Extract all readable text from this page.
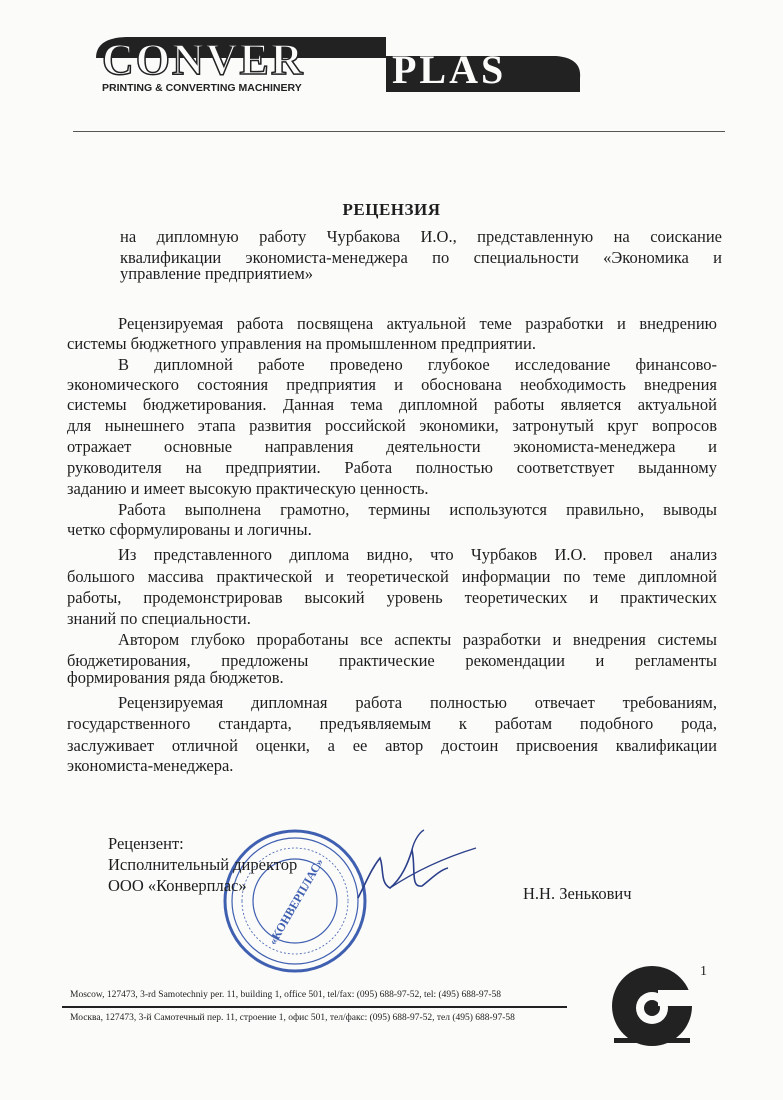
CONVER PLAS
PRINTING & CONVERTING MACHINERY
РЕЦЕНЗИЯ
на дипломную работу Чурбакова И.О., представленную на соискание
квалификации экономиста-менеджера по специальности «Экономика и
управление предприятием»
Рецензируемая работа посвящена актуальной теме разработки и внедрению
системы бюджетного управления на промышленном предприятии.
В дипломной работе проведено глубокое исследование финансово-
экономического состояния предприятия и обоснована необходимость внедрения
системы бюджетирования. Данная тема дипломной работы является актуальной
для нынешнего этапа развития российской экономики, затронутый круг вопросов
отражает основные направления деятельности экономиста-менеджера и
руководителя на предприятии. Работа полностью соответствует выданному
заданию и имеет высокую практическую ценность.
Работа выполнена грамотно, термины используются правильно, выводы
четко сформулированы и логичны.
Из представленного диплома видно, что Чурбаков И.О. провел анализ
большого массива практической и теоретической информации по теме дипломной
работы, продемонстрировав высокий уровень теоретических и практических
знаний по специальности.
Автором глубоко проработаны все аспекты разработки и внедрения системы
бюджетирования, предложены практические рекомендации и регламенты
формирования ряда бюджетов.
Рецензируемая дипломная работа полностью отвечает требованиям,
государственного стандарта, предъявляемым к работам подобного рода,
заслуживает отличной оценки, а ее автор достоин присвоения квалификации
экономиста-менеджера.
«КОНВЕРПЛАС»
Рецензент:
Исполнительный директор
ООО «Конверплас»	Н.Н. Зенькович
1
Moscow, 127473, 3-rd Samotechniy per. 11, building 1, office 501, tel/fax: (095) 688-97-52, tel: (495) 688-97-58
Москва, 127473, 3-й Самотечный пер. 11, строение 1, офис 501, тел/факс: (095) 688-97-52, тел (495) 688-97-58
